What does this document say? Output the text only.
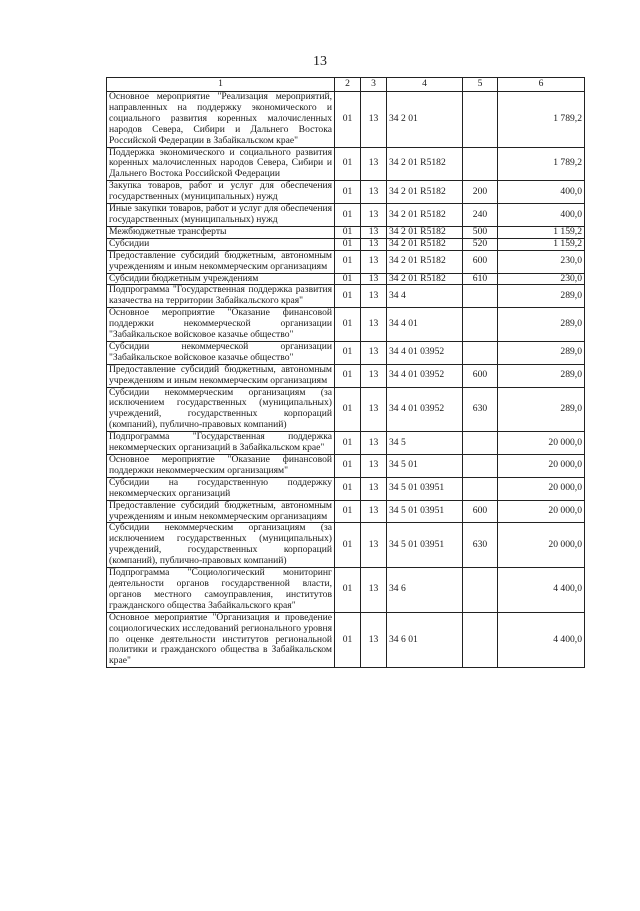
13
1	2	3	4	5	6
Основное мероприятие "Реализация мероприятий, направленных на поддержку экономического и социального развития коренных малочисленных народов Севера, Сибири и Дальнего Востока Российской Федерации в Забайкальском крае"	01	13	34 2 01		1 789,2
Поддержка экономического и социального развития коренных малочисленных народов Севера, Сибири и Дальнего Востока Российской Федерации	01	13	34 2 01 R5182		1 789,2
Закупка товаров, работ и услуг для обеспечения государственных (муниципальных) нужд	01	13	34 2 01 R5182	200	400,0
Иные закупки товаров, работ и услуг для обеспечения государственных (муниципальных) нужд	01	13	34 2 01 R5182	240	400,0
Межбюджетные трансферты	01	13	34 2 01 R5182	500	1 159,2
Субсидии	01	13	34 2 01 R5182	520	1 159,2
Предоставление субсидий бюджетным, автономным учреждениям и иным некоммерческим организациям	01	13	34 2 01 R5182	600	230,0
Субсидии бюджетным учреждениям	01	13	34 2 01 R5182	610	230,0
Подпрограмма "Государственная поддержка развития казачества на территории Забайкальского края"	01	13	34 4		289,0
Основное мероприятие "Оказание финансовой поддержки некоммерческой организации "Забайкальское войсковое казачье общество"	01	13	34 4 01		289,0
Субсидии некоммерческой организации "Забайкальское войсковое казачье общество"	01	13	34 4 01 03952		289,0
Предоставление субсидий бюджетным, автономным учреждениям и иным некоммерческим организациям	01	13	34 4 01 03952	600	289,0
Субсидии некоммерческим организациям (за исключением государственных (муниципальных) учреждений, государственных корпораций (компаний), публично-правовых компаний)	01	13	34 4 01 03952	630	289,0
Подпрограмма "Государственная поддержка некоммерческих организаций в Забайкальском крае"	01	13	34 5		20 000,0
Основное мероприятие "Оказание финансовой поддержки некоммерческим организациям"	01	13	34 5 01		20 000,0
Субсидии на государственную поддержку некоммерческих организаций	01	13	34 5 01 03951		20 000,0
Предоставление субсидий бюджетным, автономным учреждениям и иным некоммерческим организациям	01	13	34 5 01 03951	600	20 000,0
Субсидии некоммерческим организациям (за исключением государственных (муниципальных) учреждений, государственных корпораций (компаний), публично-правовых компаний)	01	13	34 5 01 03951	630	20 000,0
Подпрограмма "Социологический мониторинг деятельности органов государственной власти, органов местного самоуправления, институтов гражданского общества Забайкальского края"	01	13	34 6		4 400,0
Основное мероприятие "Организация и проведение социологических исследований регионального уровня по оценке деятельности институтов региональной политики и гражданского общества в Забайкальском крае"	01	13	34 6 01		4 400,0
